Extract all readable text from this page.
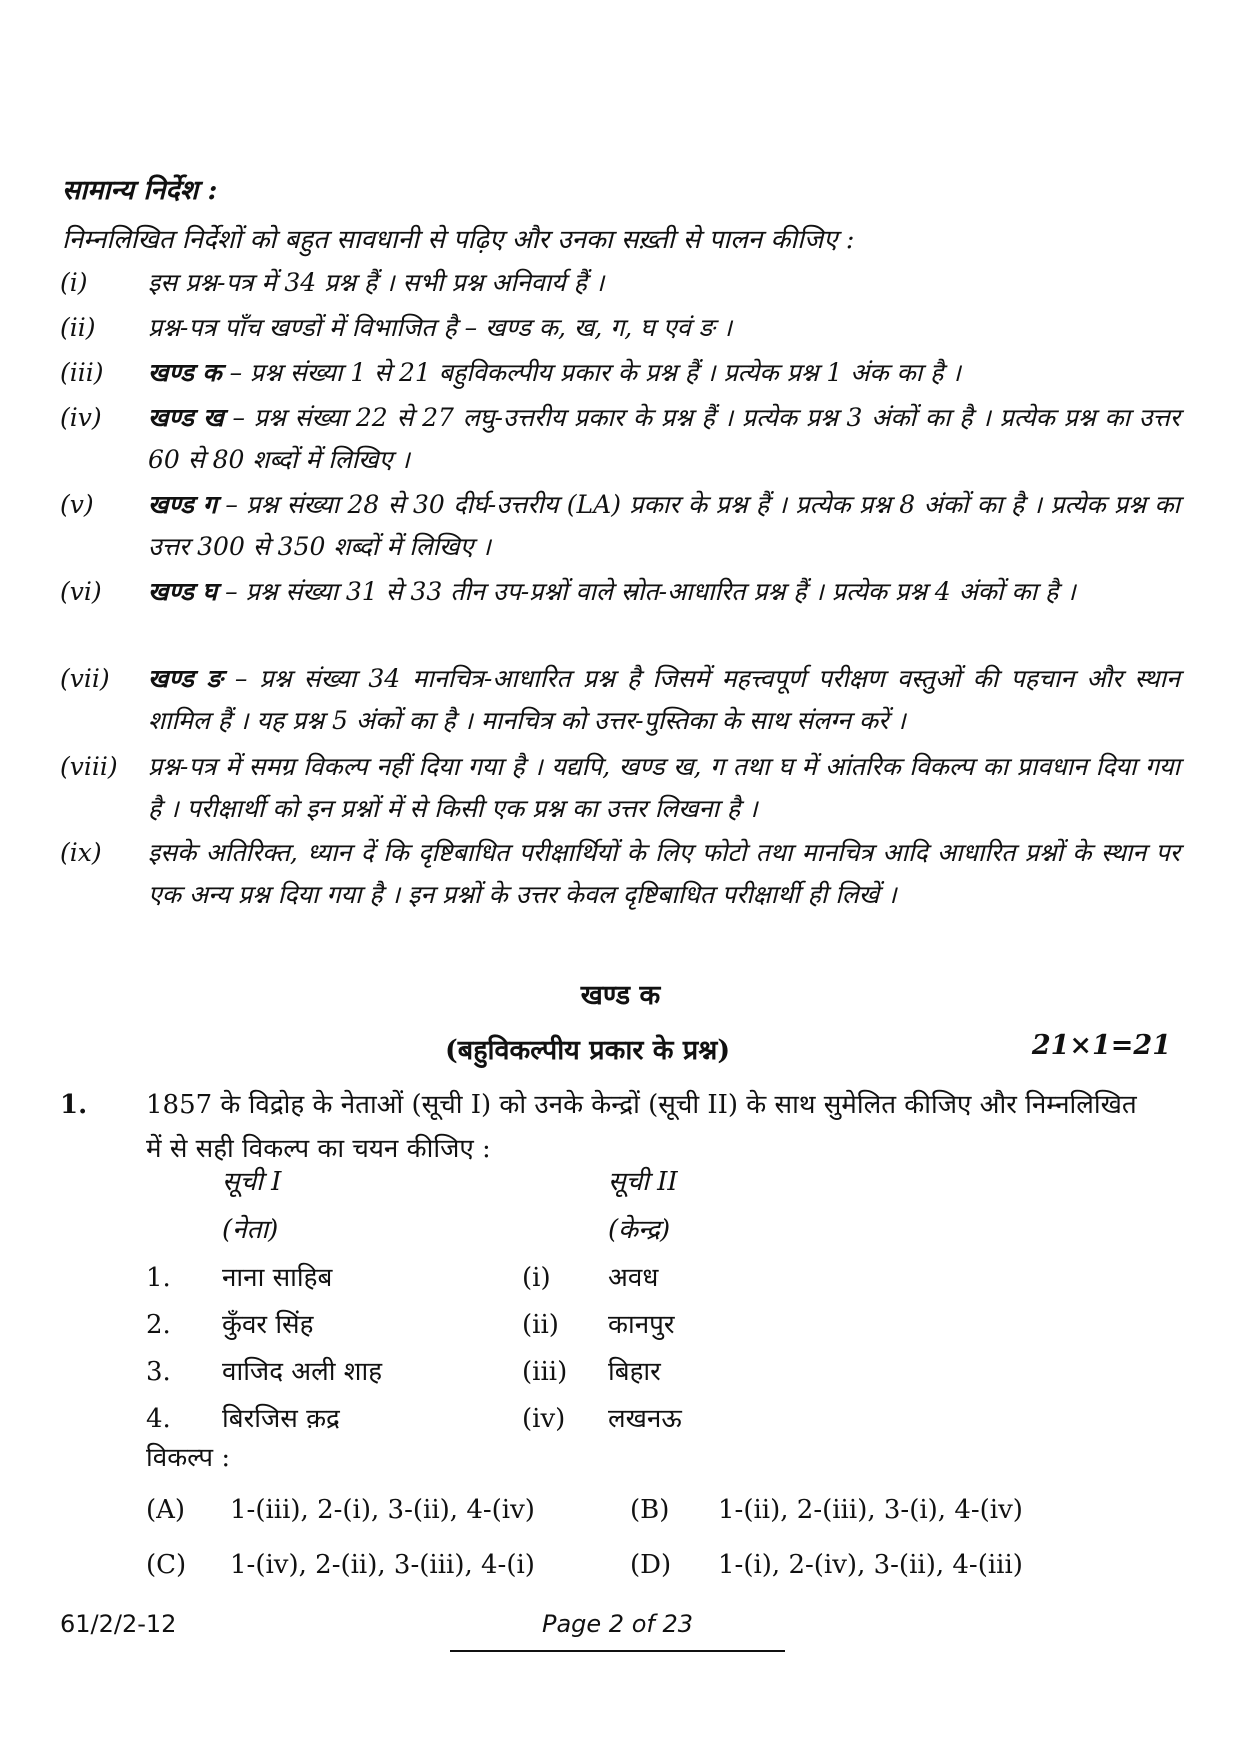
सामान्य निर्देश :
निम्नलिखित निर्देशों को बहुत सावधानी से पढ़िए और उनका सख़्ती से पालन कीजिए :
(i)	इस प्रश्न-पत्र में 34 प्रश्न हैं । सभी प्रश्न अनिवार्य हैं ।
(ii)	प्रश्न-पत्र पाँच खण्डों में विभाजित है – खण्ड क, ख, ग, घ एवं ङ ।
(iii)	खण्ड क – प्रश्न संख्या 1 से 21 बहुविकल्पीय प्रकार के प्रश्न हैं । प्रत्येक प्रश्न 1 अंक का है ।
(iv)	खण्ड ख – प्रश्न संख्या 22 से 27 लघु-उत्तरीय प्रकार के प्रश्न हैं । प्रत्येक प्रश्न 3 अंकों का है । प्रत्येक प्रश्न का उत्तर 60 से 80 शब्दों में लिखिए ।
(v)	खण्ड ग – प्रश्न संख्या 28 से 30 दीर्घ-उत्तरीय (LA) प्रकार के प्रश्न हैं । प्रत्येक प्रश्न 8 अंकों का है । प्रत्येक प्रश्न का उत्तर 300 से 350 शब्दों में लिखिए ।
(vi)	खण्ड घ – प्रश्न संख्या 31 से 33 तीन उप-प्रश्नों वाले स्रोत-आधारित प्रश्न हैं । प्रत्येक प्रश्न 4 अंकों का है ।
(vii)	खण्ड ङ – प्रश्न संख्या 34 मानचित्र-आधारित प्रश्न है जिसमें महत्त्वपूर्ण परीक्षण वस्तुओं की पहचान और स्थान शामिल हैं । यह प्रश्न 5 अंकों का है । मानचित्र को उत्तर-पुस्तिका के साथ संलग्न करें ।
(viii)	प्रश्न-पत्र में समग्र विकल्प नहीं दिया गया है । यद्यपि, खण्ड ख, ग तथा घ में आंतरिक विकल्प का प्रावधान दिया गया है । परीक्षार्थी को इन प्रश्नों में से किसी एक प्रश्न का उत्तर लिखना है ।
(ix)	इसके अतिरिक्त, ध्यान दें कि दृष्टिबाधित परीक्षार्थियों के लिए फोटो तथा मानचित्र आदि आधारित प्रश्नों के स्थान पर एक अन्य प्रश्न दिया गया है । इन प्रश्नों के उत्तर केवल दृष्टिबाधित परीक्षार्थी ही लिखें ।
खण्ड क
(बहुविकल्पीय प्रकार के प्रश्न)	21×1=21
1. 1857 के विद्रोह के नेताओं (सूची I) को उनके केन्द्रों (सूची II) के साथ सुमेलित कीजिए और निम्नलिखित में से सही विकल्प का चयन कीजिए :
सूची I
(नेता)
सूची II
(केन्द्र)
1. नाना साहिब	(i) अवध
2. कुँवर सिंह	(ii) कानपुर
3. वाजिद अली शाह	(iii) बिहार
4. बिरजिस क़द्र	(iv) लखनऊ
विकल्प :
(A) 1-(iii), 2-(i), 3-(ii), 4-(iv)	(B) 1-(ii), 2-(iii), 3-(i), 4-(iv)
(C) 1-(iv), 2-(ii), 3-(iii), 4-(i)	(D) 1-(i), 2-(iv), 3-(ii), 4-(iii)
61/2/2-12	Page 2 of 23
